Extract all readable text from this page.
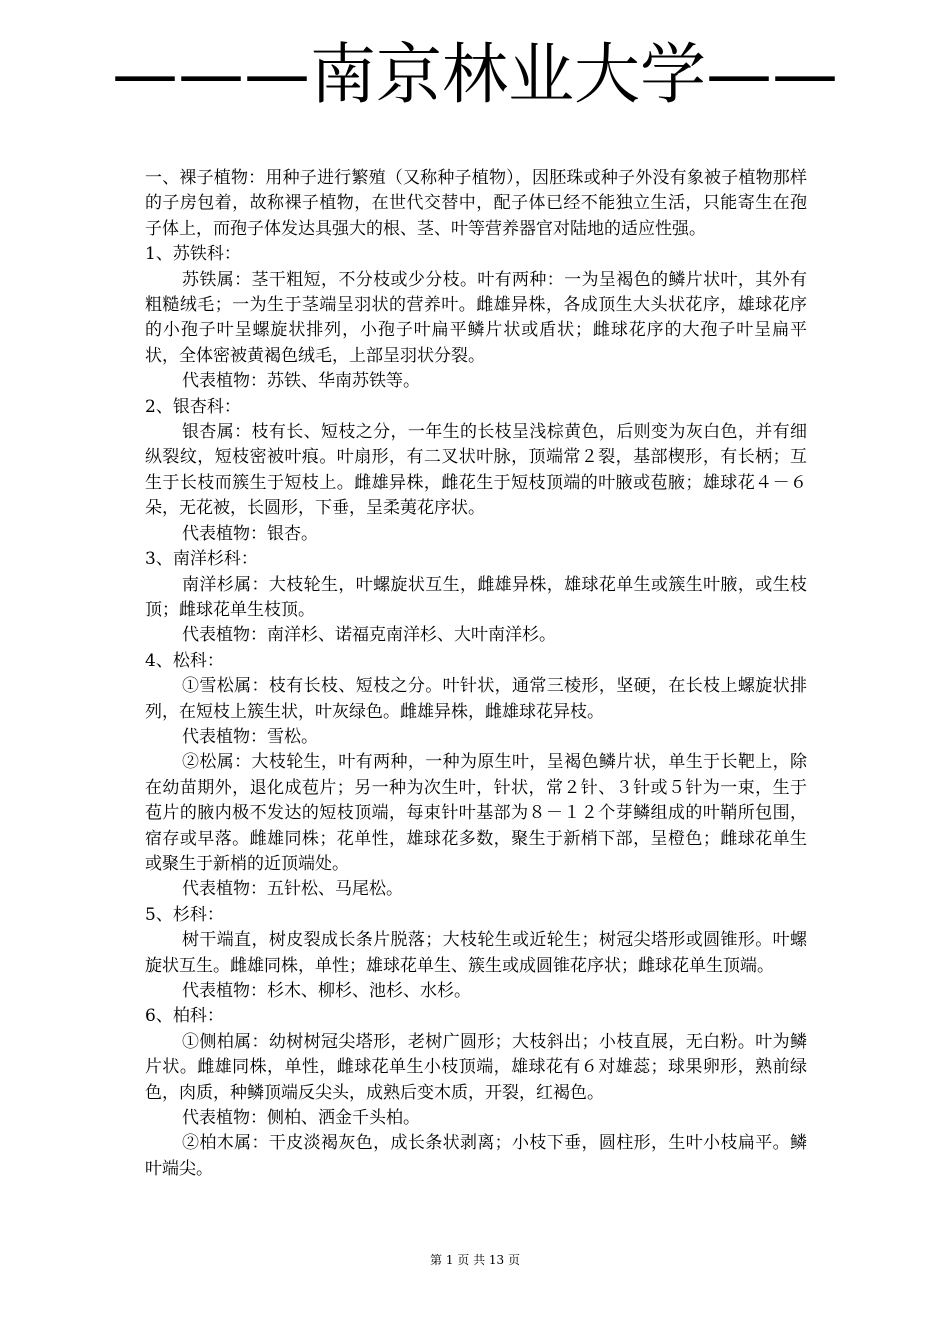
———南京林业大学——

一、裸子植物：用种子进行繁殖（又称种子植物），因胚珠或种子外没有象被子植物那样的子房包着，故称裸子植物，在世代交替中，配子体已经不能独立生活，只能寄生在孢子体上，而孢子体发达具强大的根、茎、叶等营养器官对陆地的适应性强。

1、苏铁科：

苏铁属：茎干粗短，不分枝或少分枝。叶有两种：一为呈褐色的鳞片状叶，其外有粗糙绒毛；一为生于茎端呈羽状的营养叶。雌雄异株，各成顶生大头状花序，雄球花序的小孢子叶呈螺旋状排列，小孢子叶扁平鳞片状或盾状；雌球花序的大孢子叶呈扁平状，全体密被黄褐色绒毛，上部呈羽状分裂。

代表植物：苏铁、华南苏铁等。

2、银杏科：

银杏属：枝有长、短枝之分，一年生的长枝呈浅棕黄色，后则变为灰白色，并有细纵裂纹，短枝密被叶痕。叶扇形，有二叉状叶脉，顶端常２裂，基部楔形，有长柄；互生于长枝而簇生于短枝上。雌雄异株，雌花生于短枝顶端的叶腋或苞腋；雄球花４－６朵，无花被，长圆形，下垂，呈柔荑花序状。

代表植物：银杏。

3、南洋杉科：

南洋杉属：大枝轮生，叶螺旋状互生，雌雄异株，雄球花单生或簇生叶腋，或生枝顶；雌球花单生枝顶。

代表植物：南洋杉、诺福克南洋杉、大叶南洋杉。

4、松科：

①雪松属：枝有长枝、短枝之分。叶针状，通常三棱形，坚硬，在长枝上螺旋状排列，在短枝上簇生状，叶灰绿色。雌雄异株，雌雄球花异枝。

代表植物：雪松。

②松属：大枝轮生，叶有两种，一种为原生叶，呈褐色鳞片状，单生于长靶上，除在幼苗期外，退化成苞片；另一种为次生叶，针状，常２针、３针或５针为一束，生于苞片的腋内极不发达的短枝顶端，每束针叶基部为８－１２个芽鳞组成的叶鞘所包围，宿存或早落。雌雄同株；花单性，雄球花多数，聚生于新梢下部，呈橙色；雌球花单生或聚生于新梢的近顶端处。

代表植物：五针松、马尾松。

5、杉科：

树干端直，树皮裂成长条片脱落；大枝轮生或近轮生；树冠尖塔形或圆锥形。叶螺旋状互生。雌雄同株，单性；雄球花单生、簇生或成圆锥花序状；雌球花单生顶端。

代表植物：杉木、柳杉、池杉、水杉。

6、柏科：

①侧柏属：幼树树冠尖塔形，老树广圆形；大枝斜出；小枝直展，无白粉。叶为鳞片状。雌雄同株，单性，雌球花单生小枝顶端，雄球花有６对雄蕊；球果卵形，熟前绿色，肉质，种鳞顶端反尖头，成熟后变木质，开裂，红褐色。

代表植物：侧柏、洒金千头柏。

②柏木属：干皮淡褐灰色，成长条状剥离；小枝下垂，圆柱形，生叶小枝扁平。鳞叶端尖。

第 1 页 共 13 页
